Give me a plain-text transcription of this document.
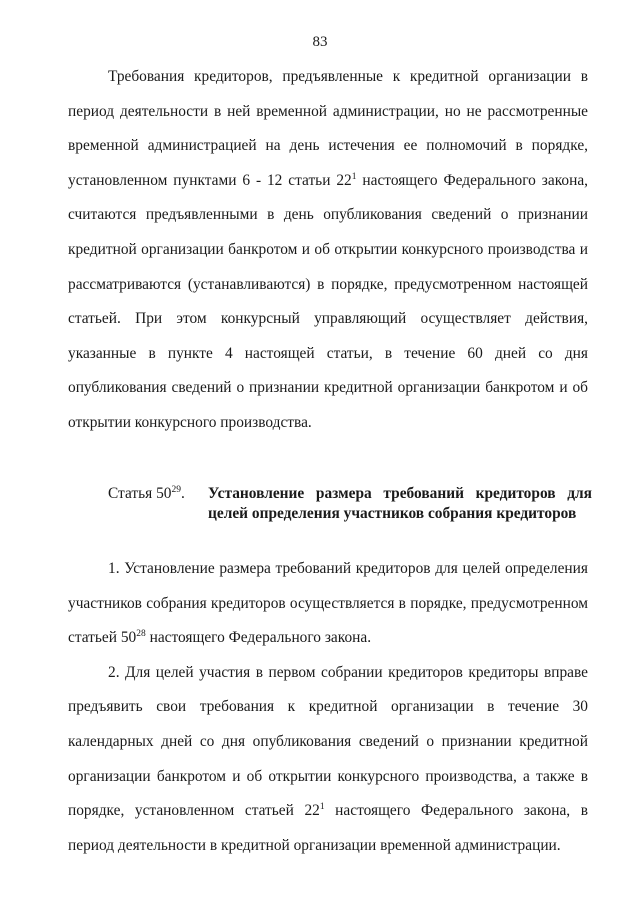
83

Требования кредиторов, предъявленные к кредитной организации в период деятельности в ней временной администрации, но не рассмотренные временной администрацией на день истечения ее полномочий в порядке, установленном пунктами 6 - 12 статьи $22^1$ настоящего Федерального закона, считаются предъявленными в день опубликования сведений о признании кредитной организации банкротом и об открытии конкурсного производства и рассматриваются (устанавливаются) в порядке, предусмотренном настоящей статьей. При этом конкурсный управляющий осуществляет действия, указанные в пункте 4 настоящей статьи, в течение 60 дней со дня опубликования сведений о признании кредитной организации банкротом и об открытии конкурсного производства.

Статья $50^{29}$. Установление размера требований кредиторов для целей определения участников собрания кредиторов

1. Установление размера требований кредиторов для целей определения участников собрания кредиторов осуществляется в порядке, предусмотренном статьей $50^{28}$ настоящего Федерального закона.

2. Для целей участия в первом собрании кредиторов кредиторы вправе предъявить свои требования к кредитной организации в течение 30 календарных дней со дня опубликования сведений о признании кредитной организации банкротом и об открытии конкурсного производства, а также в порядке, установленном статьей $22^1$ настоящего Федерального закона, в период деятельности в кредитной организации временной администрации.
